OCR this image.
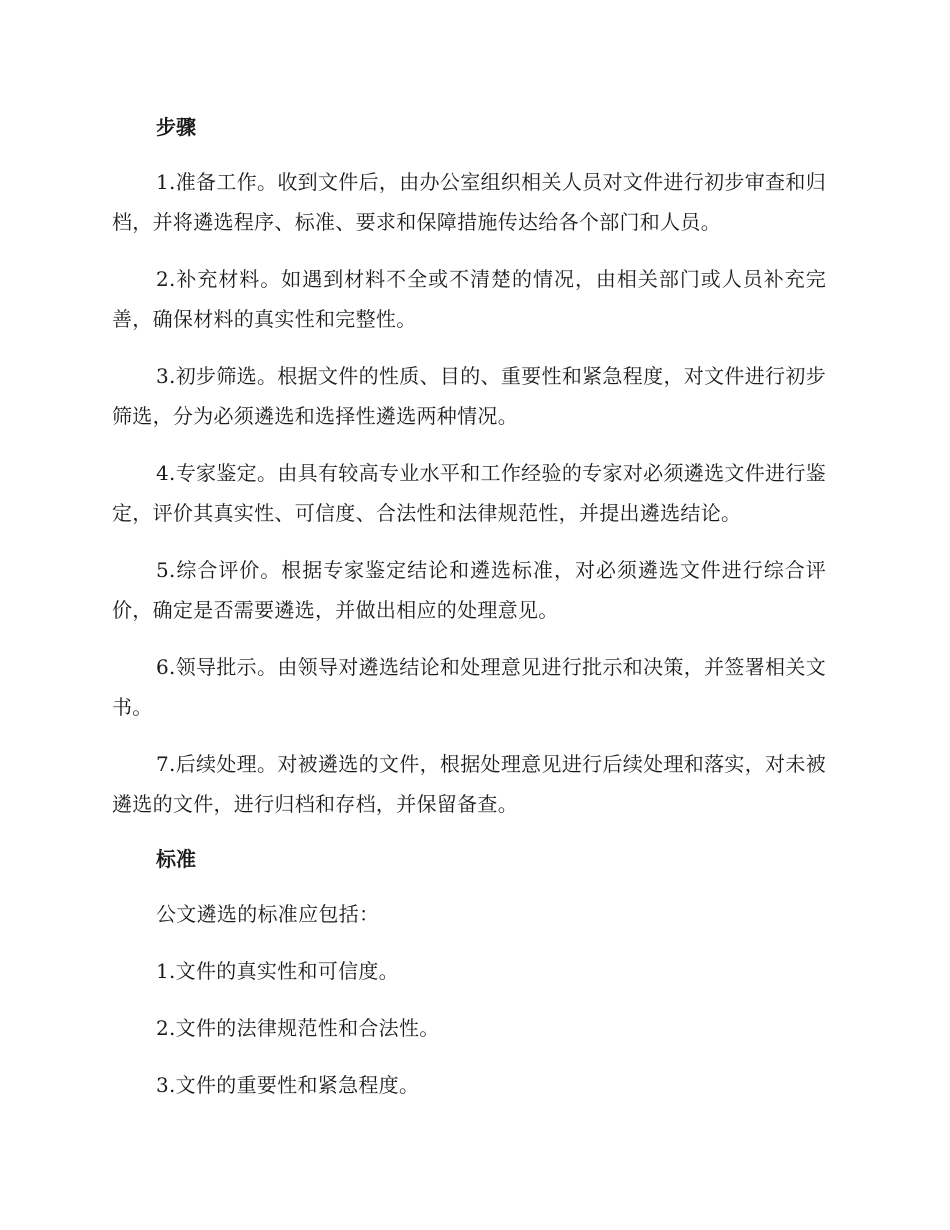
步骤

1.准备工作。收到文件后，由办公室组织相关人员对文件进行初步审查和归档，并将遴选程序、标准、要求和保障措施传达给各个部门和人员。

2.补充材料。如遇到材料不全或不清楚的情况，由相关部门或人员补充完善，确保材料的真实性和完整性。

3.初步筛选。根据文件的性质、目的、重要性和紧急程度，对文件进行初步筛选，分为必须遴选和选择性遴选两种情况。

4.专家鉴定。由具有较高专业水平和工作经验的专家对必须遴选文件进行鉴定，评价其真实性、可信度、合法性和法律规范性，并提出遴选结论。

5.综合评价。根据专家鉴定结论和遴选标准，对必须遴选文件进行综合评价，确定是否需要遴选，并做出相应的处理意见。

6.领导批示。由领导对遴选结论和处理意见进行批示和决策，并签署相关文书。

7.后续处理。对被遴选的文件，根据处理意见进行后续处理和落实，对未被遴选的文件，进行归档和存档，并保留备查。

标准

公文遴选的标准应包括：

1.文件的真实性和可信度。

2.文件的法律规范性和合法性。

3.文件的重要性和紧急程度。
